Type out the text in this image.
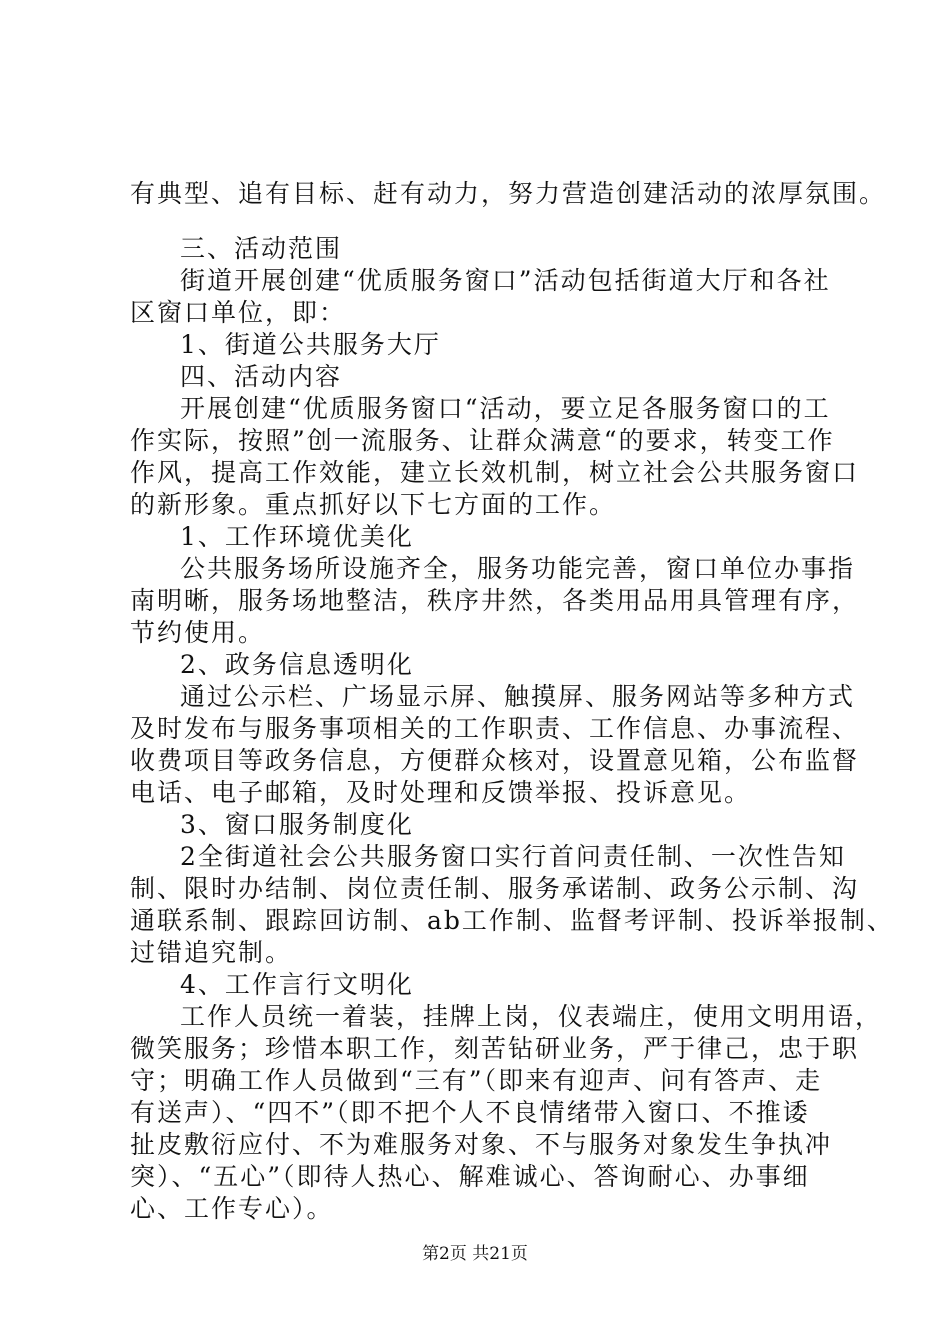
有典型、追有目标、赶有动力，努力营造创建活动的浓厚氛围。
三、活动范围
街道开展创建“优质服务窗口”活动包括街道大厅和各社
区窗口单位，即：
1、街道公共服务大厅
四、活动内容
开展创建“优质服务窗口“活动，要立足各服务窗口的工
作实际，按照”创一流服务、让群众满意“的要求，转变工作
作风，提高工作效能，建立长效机制，树立社会公共服务窗口
的新形象。重点抓好以下七方面的工作。
1、工作环境优美化
公共服务场所设施齐全，服务功能完善，窗口单位办事指
南明晰，服务场地整洁，秩序井然，各类用品用具管理有序，
节约使用。
2、政务信息透明化
通过公示栏、广场显示屏、触摸屏、服务网站等多种方式
及时发布与服务事项相关的工作职责、工作信息、办事流程、
收费项目等政务信息，方便群众核对，设置意见箱，公布监督
电话、电子邮箱，及时处理和反馈举报、投诉意见。
3、窗口服务制度化
2全街道社会公共服务窗口实行首问责任制、一次性告知
制、限时办结制、岗位责任制、服务承诺制、政务公示制、沟
通联系制、跟踪回访制、ab工作制、监督考评制、投诉举报制、
过错追究制。
4、工作言行文明化
工作人员统一着装，挂牌上岗，仪表端庄，使用文明用语，
微笑服务；珍惜本职工作，刻苦钻研业务，严于律己，忠于职
守；明确工作人员做到“三有”（即来有迎声、问有答声、走
有送声）、“四不”（即不把个人不良情绪带入窗口、不推诿
扯皮敷衍应付、不为难服务对象、不与服务对象发生争执冲
突）、“五心”（即待人热心、解难诚心、答询耐心、办事细
心、工作专心）。
第2页 共21页
